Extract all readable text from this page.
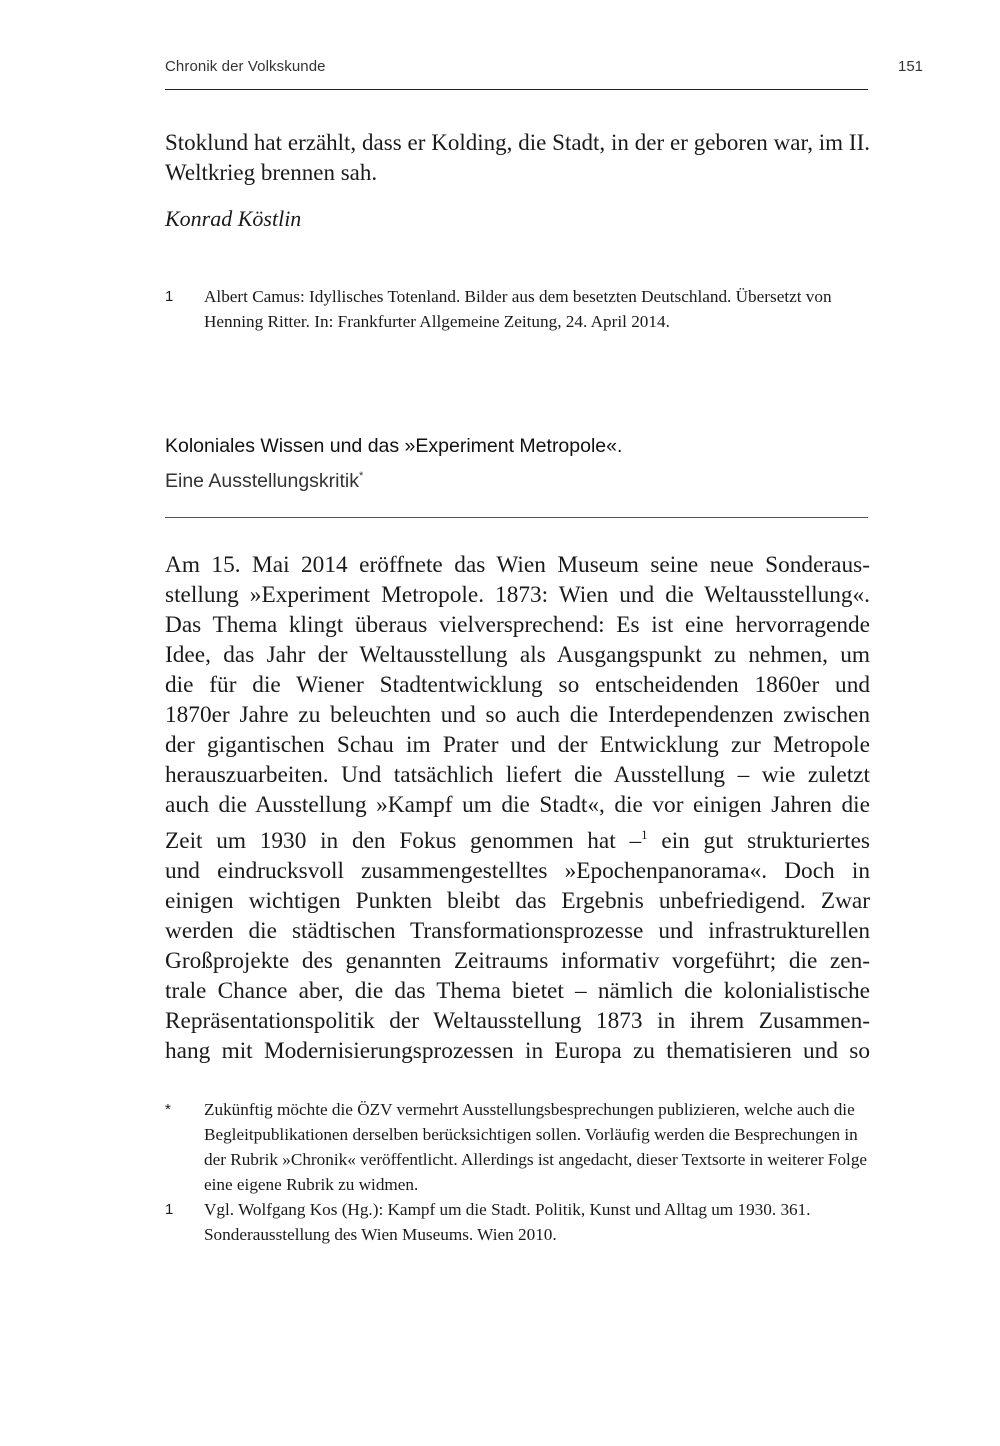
Chronik der Volkskunde	151
Stoklund hat erzählt, dass er Kolding, die Stadt, in der er geboren war, im II. Weltkrieg brennen sah.
Konrad Köstlin
1 Albert Camus: Idyllisches Totenland. Bilder aus dem besetzten Deutschland. Übersetzt von Henning Ritter. In: Frankfurter Allgemeine Zeitung, 24. April 2014.
Koloniales Wissen und das »Experiment Metropole«.
Eine Ausstellungskritik*
Am 15. Mai 2014 eröffnete das Wien Museum seine neue Sonderaus-
stellung »Experiment Metropole. 1873: Wien und die Weltausstellung«.
Das Thema klingt überaus vielversprechend: Es ist eine hervorragende
Idee, das Jahr der Weltausstellung als Ausgangspunkt zu nehmen, um
die für die Wiener Stadtentwicklung so entscheidenden 1860er und
1870er Jahre zu beleuchten und so auch die Interdependenzen zwischen
der gigantischen Schau im Prater und der Entwicklung zur Metropole
herauszuarbeiten. Und tatsächlich liefert die Ausstellung – wie zuletzt
auch die Ausstellung »Kampf um die Stadt«, die vor einigen Jahren die
Zeit um 1930 in den Fokus genommen hat –$^1$ ein gut strukturiertes
und eindrucksvoll zusammengestelltes »Epochenpanorama«. Doch in
einigen wichtigen Punkten bleibt das Ergebnis unbefriedigend. Zwar
werden die städtischen Transformationsprozesse und infrastrukturellen
Großprojekte des genannten Zeitraums informativ vorgeführt; die zen-
trale Chance aber, die das Thema bietet – nämlich die kolonialistische
Repräsentationspolitik der Weltausstellung 1873 in ihrem Zusammen-
hang mit Modernisierungsprozessen in Europa zu thematisieren und so
* Zukünftig möchte die ÖZV vermehrt Ausstellungsbesprechungen publizieren, welche auch die Begleitpublikationen derselben berücksichtigen sollen. Vorläufig werden die Besprechungen in der Rubrik »Chronik« veröffentlicht. Allerdings ist angedacht, dieser Textsorte in weiterer Folge eine eigene Rubrik zu widmen.
1 Vgl. Wolfgang Kos (Hg.): Kampf um die Stadt. Politik, Kunst und Alltag um 1930. 361. Sonderausstellung des Wien Museums. Wien 2010.
